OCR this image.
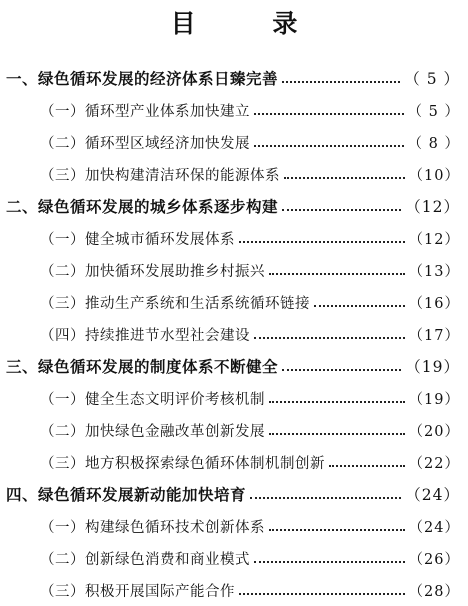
目 录
一、绿色循环发展的经济体系日臻完善	（ 5 ）
（一）循环型产业体系加快建立	（ 5 ）
（二）循环型区域经济加快发展	（ 8 ）
（三）加快构建清洁环保的能源体系	（10）
二、绿色循环发展的城乡体系逐步构建	（12）
（一）健全城市循环发展体系	（12）
（二）加快循环发展助推乡村振兴	（13）
（三）推动生产系统和生活系统循环链接	（16）
（四）持续推进节水型社会建设	（17）
三、绿色循环发展的制度体系不断健全	（19）
（一）健全生态文明评价考核机制	（19）
（二）加快绿色金融改革创新发展	（20）
（三）地方积极探索绿色循环体制机制创新	（22）
四、绿色循环发展新动能加快培育	（24）
（一）构建绿色循环技术创新体系	（24）
（二）创新绿色消费和商业模式	（26）
（三）积极开展国际产能合作	（28）
